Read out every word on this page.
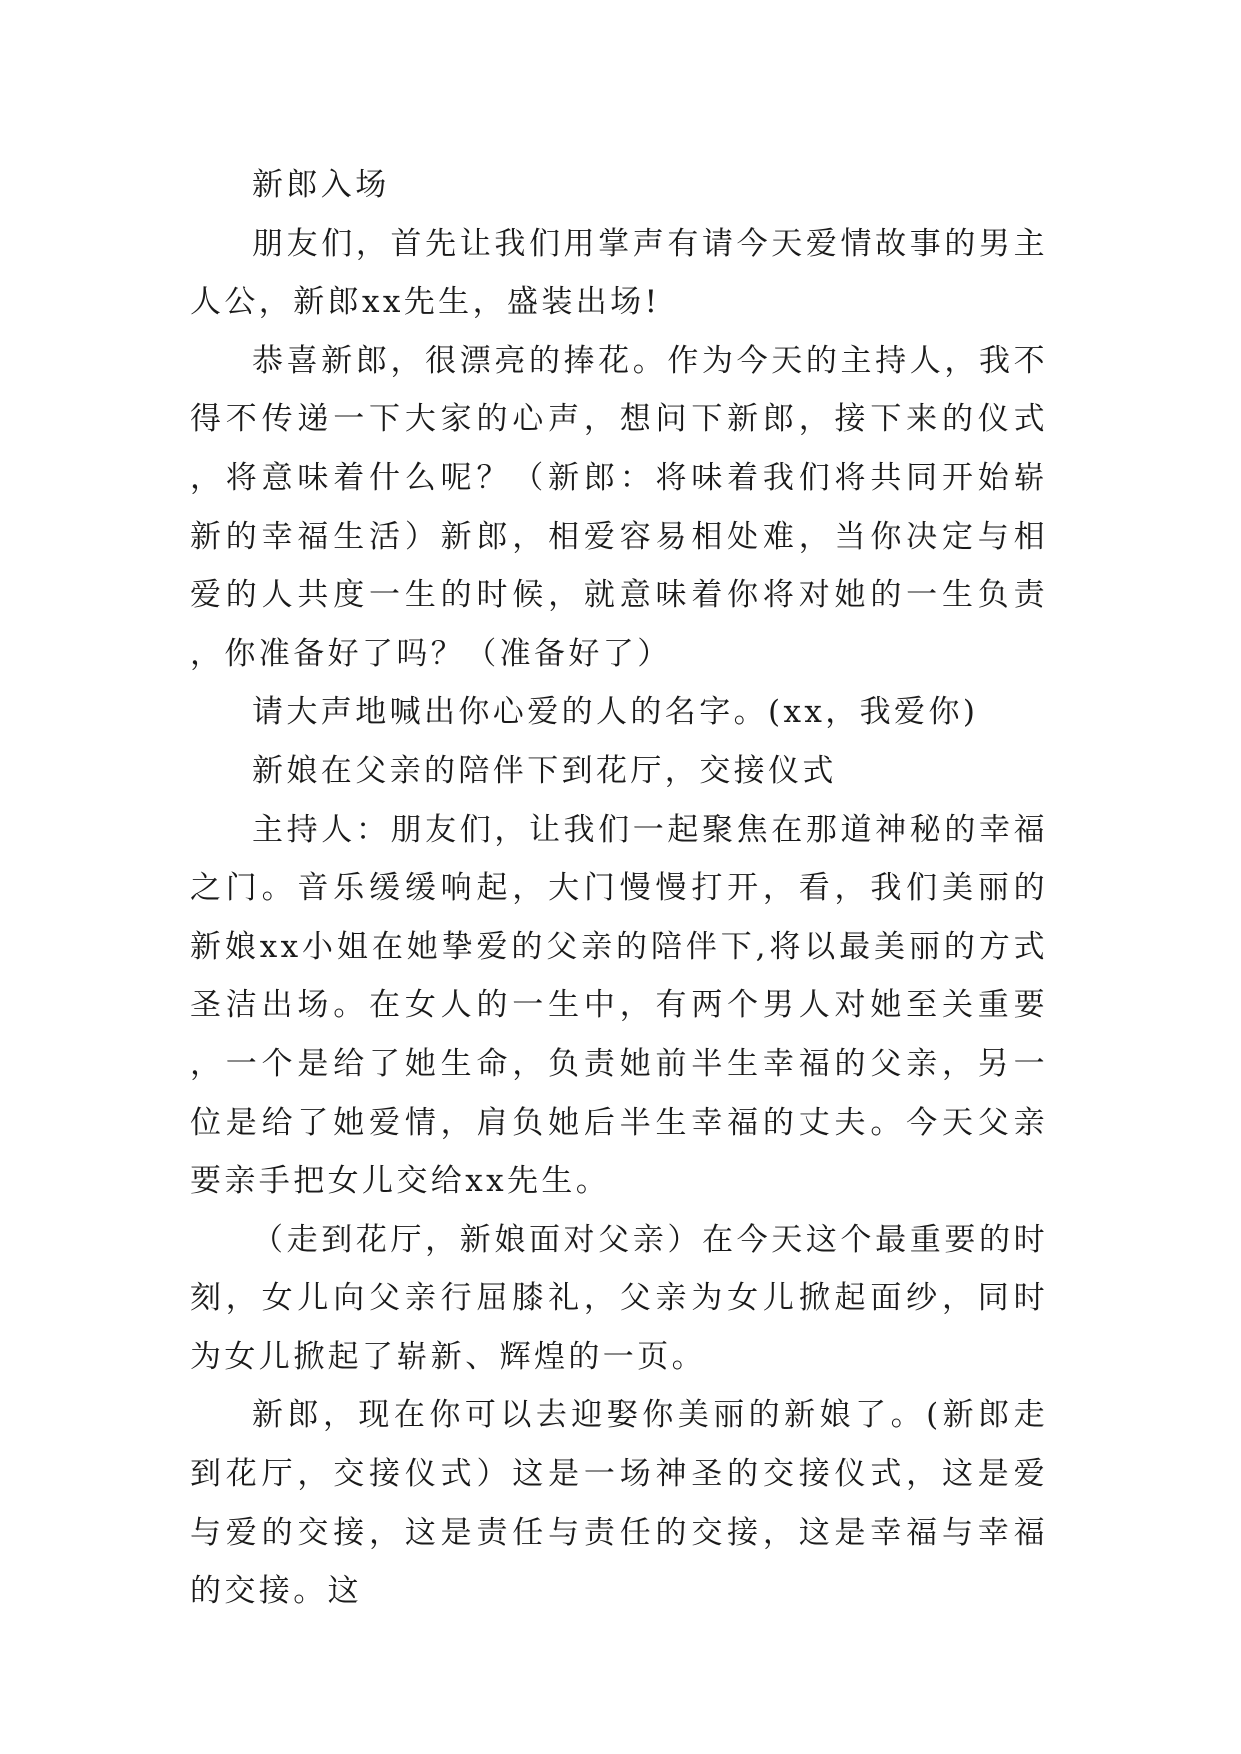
新郎入场

朋友们，首先让我们用掌声有请今天爱情故事的男主人公，新郎xx先生，盛装出场!

恭喜新郎，很漂亮的捧花。作为今天的主持人，我不得不传递一下大家的心声，想问下新郎，接下来的仪式，将意味着什么呢？（新郎：将味着我们将共同开始崭新的幸福生活）新郎，相爱容易相处难，当你决定与相爱的人共度一生的时候，就意味着你将对她的一生负责，你准备好了吗？（准备好了）

请大声地喊出你心爱的人的名字。(xx，我爱你)

新娘在父亲的陪伴下到花厅，交接仪式

主持人：朋友们，让我们一起聚焦在那道神秘的幸福之门。音乐缓缓响起，大门慢慢打开，看，我们美丽的新娘xx小姐在她挚爱的父亲的陪伴下,将以最美丽的方式圣洁出场。在女人的一生中，有两个男人对她至关重要，一个是给了她生命，负责她前半生幸福的父亲，另一位是给了她爱情，肩负她后半生幸福的丈夫。今天父亲要亲手把女儿交给xx先生。

（走到花厅，新娘面对父亲）在今天这个最重要的时刻，女儿向父亲行屈膝礼，父亲为女儿掀起面纱，同时为女儿掀起了崭新、辉煌的一页。

新郎，现在你可以去迎娶你美丽的新娘了。(新郎走到花厅，交接仪式）这是一场神圣的交接仪式，这是爱与爱的交接，这是责任与责任的交接，这是幸福与幸福的交接。这
